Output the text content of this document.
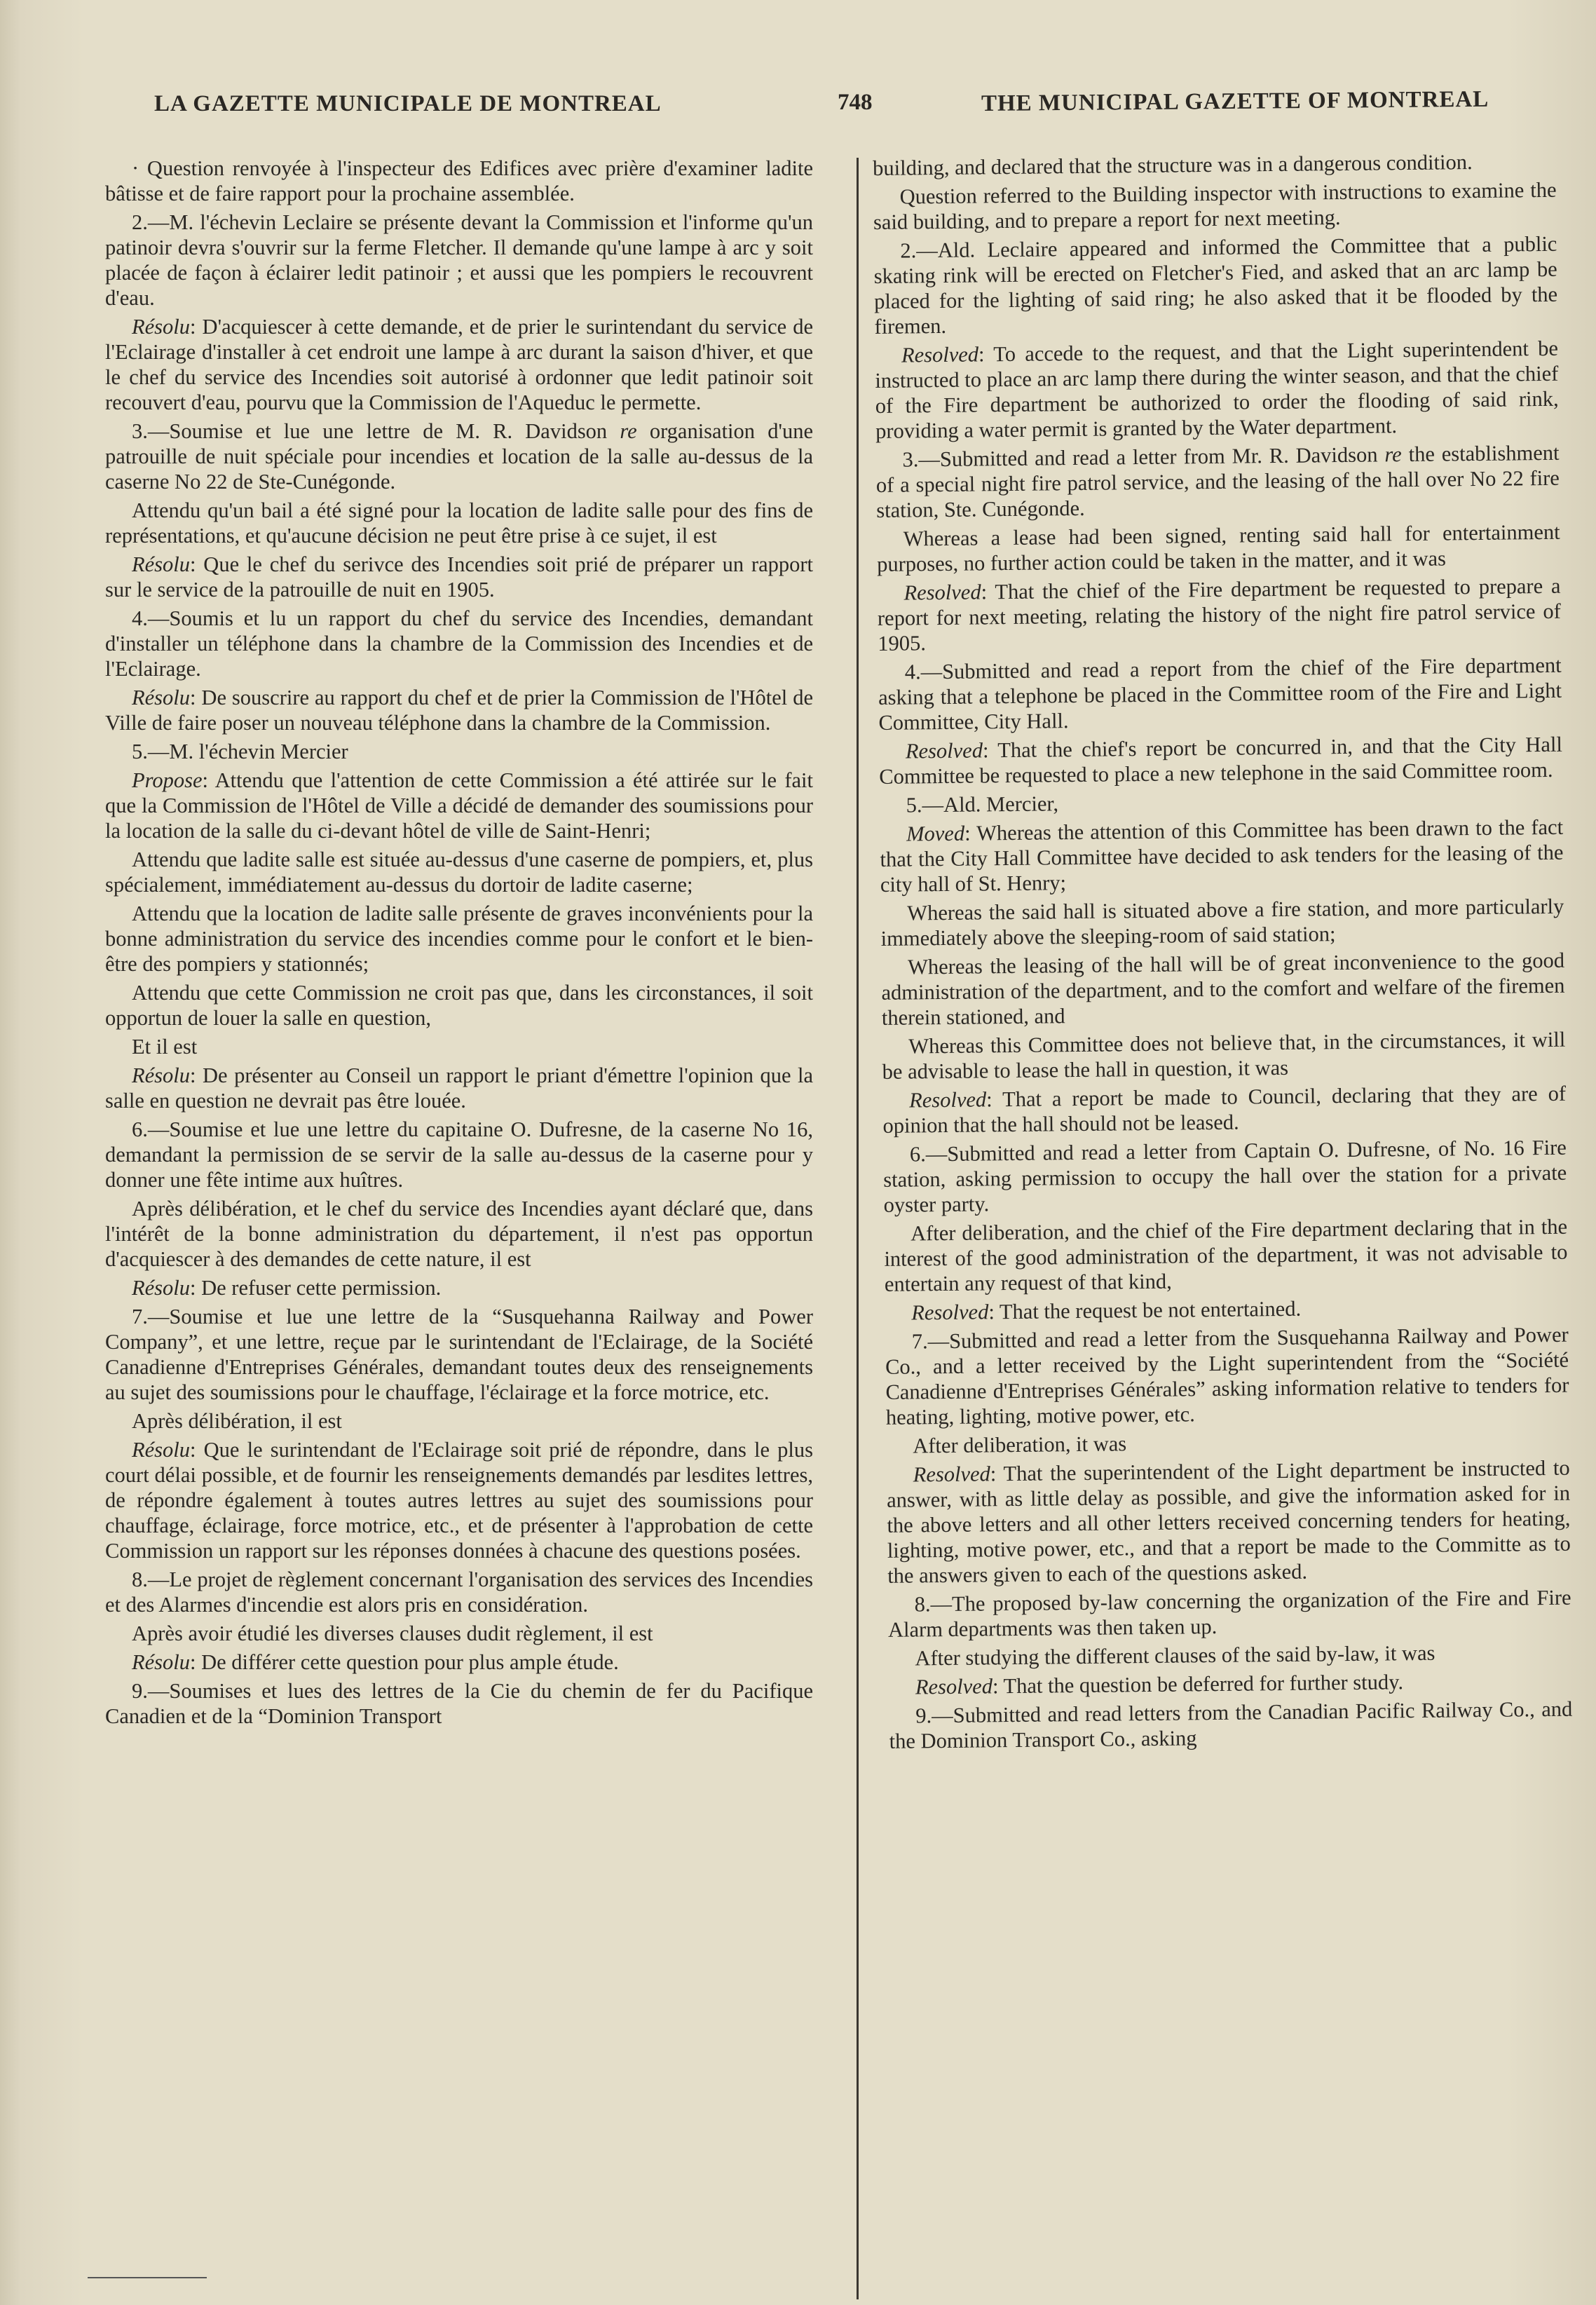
LA GAZETTE MUNICIPALE DE MONTREAL	748	THE MUNICIPAL GAZETTE OF MONTREAL

· Question renvoyée à l'inspecteur des Edifices avec prière d'examiner ladite bâtisse et de faire rapport pour la prochaine assemblée.

2.—M. l'échevin Leclaire se présente devant la Commission et l'informe qu'un patinoir devra s'ouvrir sur la ferme Fletcher. Il demande qu'une lampe à arc y soit placée de façon à éclairer ledit patinoir ; et aussi que les pompiers le recouvrent d'eau.

Résolu: D'acquiescer à cette demande, et de prier le surintendant du service de l'Eclairage d'installer à cet endroit une lampe à arc durant la saison d'hiver, et que le chef du service des Incendies soit autorisé à ordonner que ledit patinoir soit recouvert d'eau, pourvu que la Commission de l'Aqueduc le permette.

3.—Soumise et lue une lettre de M. R. Davidson re organisation d'une patrouille de nuit spéciale pour incendies et location de la salle au-dessus de la caserne No 22 de Ste-Cunégonde.

Attendu qu'un bail a été signé pour la location de ladite salle pour des fins de représentations, et qu'aucune décision ne peut être prise à ce sujet, il est

Résolu: Que le chef du serivce des Incendies soit prié de préparer un rapport sur le service de la patrouille de nuit en 1905.

4.—Soumis et lu un rapport du chef du service des Incendies, demandant d'installer un téléphone dans la chambre de la Commission des Incendies et de l'Eclairage.

Résolu: De souscrire au rapport du chef et de prier la Commission de l'Hôtel de Ville de faire poser un nouveau téléphone dans la chambre de la Commission.

5.—M. l'échevin Mercier

Propose: Attendu que l'attention de cette Commission a été attirée sur le fait que la Commission de l'Hôtel de Ville a décidé de demander des soumissions pour la location de la salle du ci-devant hôtel de ville de Saint-Henri;

Attendu que ladite salle est située au-dessus d'une caserne de pompiers, et, plus spécialement, immédiatement au-dessus du dortoir de ladite caserne;

Attendu que la location de ladite salle présente de graves inconvénients pour la bonne administration du service des incendies comme pour le confort et le bien-être des pompiers y stationnés;

Attendu que cette Commission ne croit pas que, dans les circonstances, il soit opportun de louer la salle en question,

Et il est

Résolu: De présenter au Conseil un rapport le priant d'émettre l'opinion que la salle en question ne devrait pas être louée.

6.—Soumise et lue une lettre du capitaine O. Dufresne, de la caserne No 16, demandant la permission de se servir de la salle au-dessus de la caserne pour y donner une fête intime aux huîtres.

Après délibération, et le chef du service des Incendies ayant déclaré que, dans l'intérêt de la bonne administration du département, il n'est pas opportun d'acquiescer à des demandes de cette nature, il est

Résolu: De refuser cette permission.

7.—Soumise et lue une lettre de la “Susquehanna Railway and Power Company”, et une lettre, reçue par le surintendant de l'Eclairage, de la Société Canadienne d'Entreprises Générales, demandant toutes deux des renseignements au sujet des soumissions pour le chauffage, l'éclairage et la force motrice, etc.

Après délibération, il est

Résolu: Que le surintendant de l'Eclairage soit prié de répondre, dans le plus court délai possible, et de fournir les renseignements demandés par lesdites lettres, de répondre également à toutes autres lettres au sujet des soumissions pour chauffage, éclairage, force motrice, etc., et de présenter à l'approbation de cette Commission un rapport sur les réponses données à chacune des questions posées.

8.—Le projet de règlement concernant l'organisation des services des Incendies et des Alarmes d'incendie est alors pris en considération.

Après avoir étudié les diverses clauses dudit règlement, il est

Résolu: De différer cette question pour plus ample étude.

9.—Soumises et lues des lettres de la Cie du chemin de fer du Pacifique Canadien et de la “Dominion Transport

building, and declared that the structure was in a dangerous condition.

Question referred to the Building inspector with instructions to examine the said building, and to prepare a report for next meeting.

2.—Ald. Leclaire appeared and informed the Committee that a public skating rink will be erected on Fletcher's Fied, and asked that an arc lamp be placed for the lighting of said ring; he also asked that it be flooded by the firemen.

Resolved: To accede to the request, and that the Light superintendent be instructed to place an arc lamp there during the winter season, and that the chief of the Fire department be authorized to order the flooding of said rink, providing a water permit is granted by the Water department.

3.—Submitted and read a letter from Mr. R. Davidson re the establishment of a special night fire patrol service, and the leasing of the hall over No 22 fire station, Ste. Cunégonde.

Whereas a lease had been signed, renting said hall for entertainment purposes, no further action could be taken in the matter, and it was

Resolved: That the chief of the Fire department be requested to prepare a report for next meeting, relating the history of the night fire patrol service of 1905.

4.—Submitted and read a report from the chief of the Fire department asking that a telephone be placed in the Committee room of the Fire and Light Committee, City Hall.

Resolved: That the chief's report be concurred in, and that the City Hall Committee be requested to place a new telephone in the said Committee room.

5.—Ald. Mercier,

Moved: Whereas the attention of this Committee has been drawn to the fact that the City Hall Committee have decided to ask tenders for the leasing of the city hall of St. Henry;

Whereas the said hall is situated above a fire station, and more particularly immediately above the sleeping-room of said station;

Whereas the leasing of the hall will be of great inconvenience to the good administration of the department, and to the comfort and welfare of the firemen therein stationed, and

Whereas this Committee does not believe that, in the circumstances, it will be advisable to lease the hall in question, it was

Resolved: That a report be made to Council, declaring that they are of opinion that the hall should not be leased.

6.—Submitted and read a letter from Captain O. Dufresne, of No. 16 Fire station, asking permission to occupy the hall over the station for a private oyster party.

After deliberation, and the chief of the Fire department declaring that in the interest of the good administration of the department, it was not advisable to entertain any request of that kind,

Resolved: That the request be not entertained.

7.—Submitted and read a letter from the Susquehanna Railway and Power Co., and a letter received by the Light superintendent from the “Société Canadienne d'Entreprises Générales” asking information relative to tenders for heating, lighting, motive power, etc.

After deliberation, it was

Resolved: That the superintendent of the Light department be instructed to answer, with as little delay as possible, and give the information asked for in the above letters and all other letters received concerning tenders for heating, lighting, motive power, etc., and that a report be made to the Committe as to the answers given to each of the questions asked.

8.—The proposed by-law concerning the organization of the Fire and Fire Alarm departments was then taken up.

After studying the different clauses of the said by-law, it was

Resolved: That the question be deferred for further study.

9.—Submitted and read letters from the Canadian Pacific Railway Co., and the Dominion Transport Co., asking
